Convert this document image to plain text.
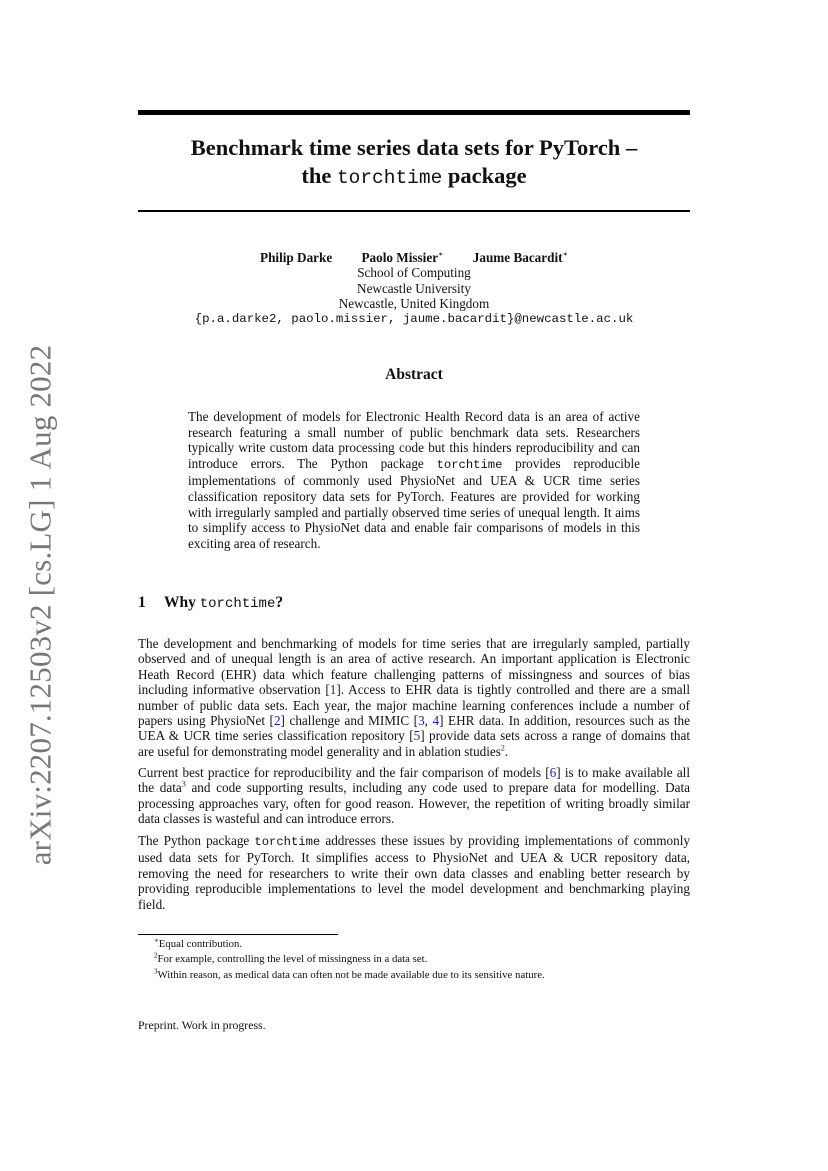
arXiv:2207.12503v2 [cs.LG] 1 Aug 2022
Benchmark time series data sets for PyTorch –
the torchtime package
Philip Darke Paolo Missier∗ Jaume Bacardit∗
School of Computing
Newcastle University
Newcastle, United Kingdom
{p.a.darke2, paolo.missier, jaume.bacardit}@newcastle.ac.uk
Abstract
The development of models for Electronic Health Record data is an area of active research featuring a small number of public benchmark data sets. Researchers typically write custom data processing code but this hinders reproducibility and can introduce errors. The Python package torchtime provides reproducible implementations of commonly used PhysioNet and UEA & UCR time series classification repository data sets for PyTorch. Features are provided for working with irregularly sampled and partially observed time series of unequal length. It aims to simplify access to PhysioNet data and enable fair comparisons of models in this exciting area of research.
1 Why torchtime?

The development and benchmarking of models for time series that are irregularly sampled, partially observed and of unequal length is an area of active research. An important application is Electronic Heath Record (EHR) data which feature challenging patterns of missingness and sources of bias including informative observation [1]. Access to EHR data is tightly controlled and there are a small number of public data sets. Each year, the major machine learning conferences include a number of papers using PhysioNet [2] challenge and MIMIC [3, 4] EHR data. In addition, resources such as the UEA & UCR time series classification repository [5] provide data sets across a range of domains that are useful for demonstrating model generality and in ablation studies$^2$.

Current best practice for reproducibility and the fair comparison of models [6] is to make available all the data$^3$ and code supporting results, including any code used to prepare data for modelling. Data processing approaches vary, often for good reason. However, the repetition of writing broadly similar data classes is wasteful and can introduce errors.

The Python package torchtime addresses these issues by providing implementations of commonly used data sets for PyTorch. It simplifies access to PhysioNet and UEA & UCR repository data, removing the need for researchers to write their own data classes and enabling better research by providing reproducible implementations to level the model development and benchmarking playing field.

∗Equal contribution.
$^2$For example, controlling the level of missingness in a data set.
$^3$Within reason, as medical data can often not be made available due to its sensitive nature.
Preprint. Work in progress.
